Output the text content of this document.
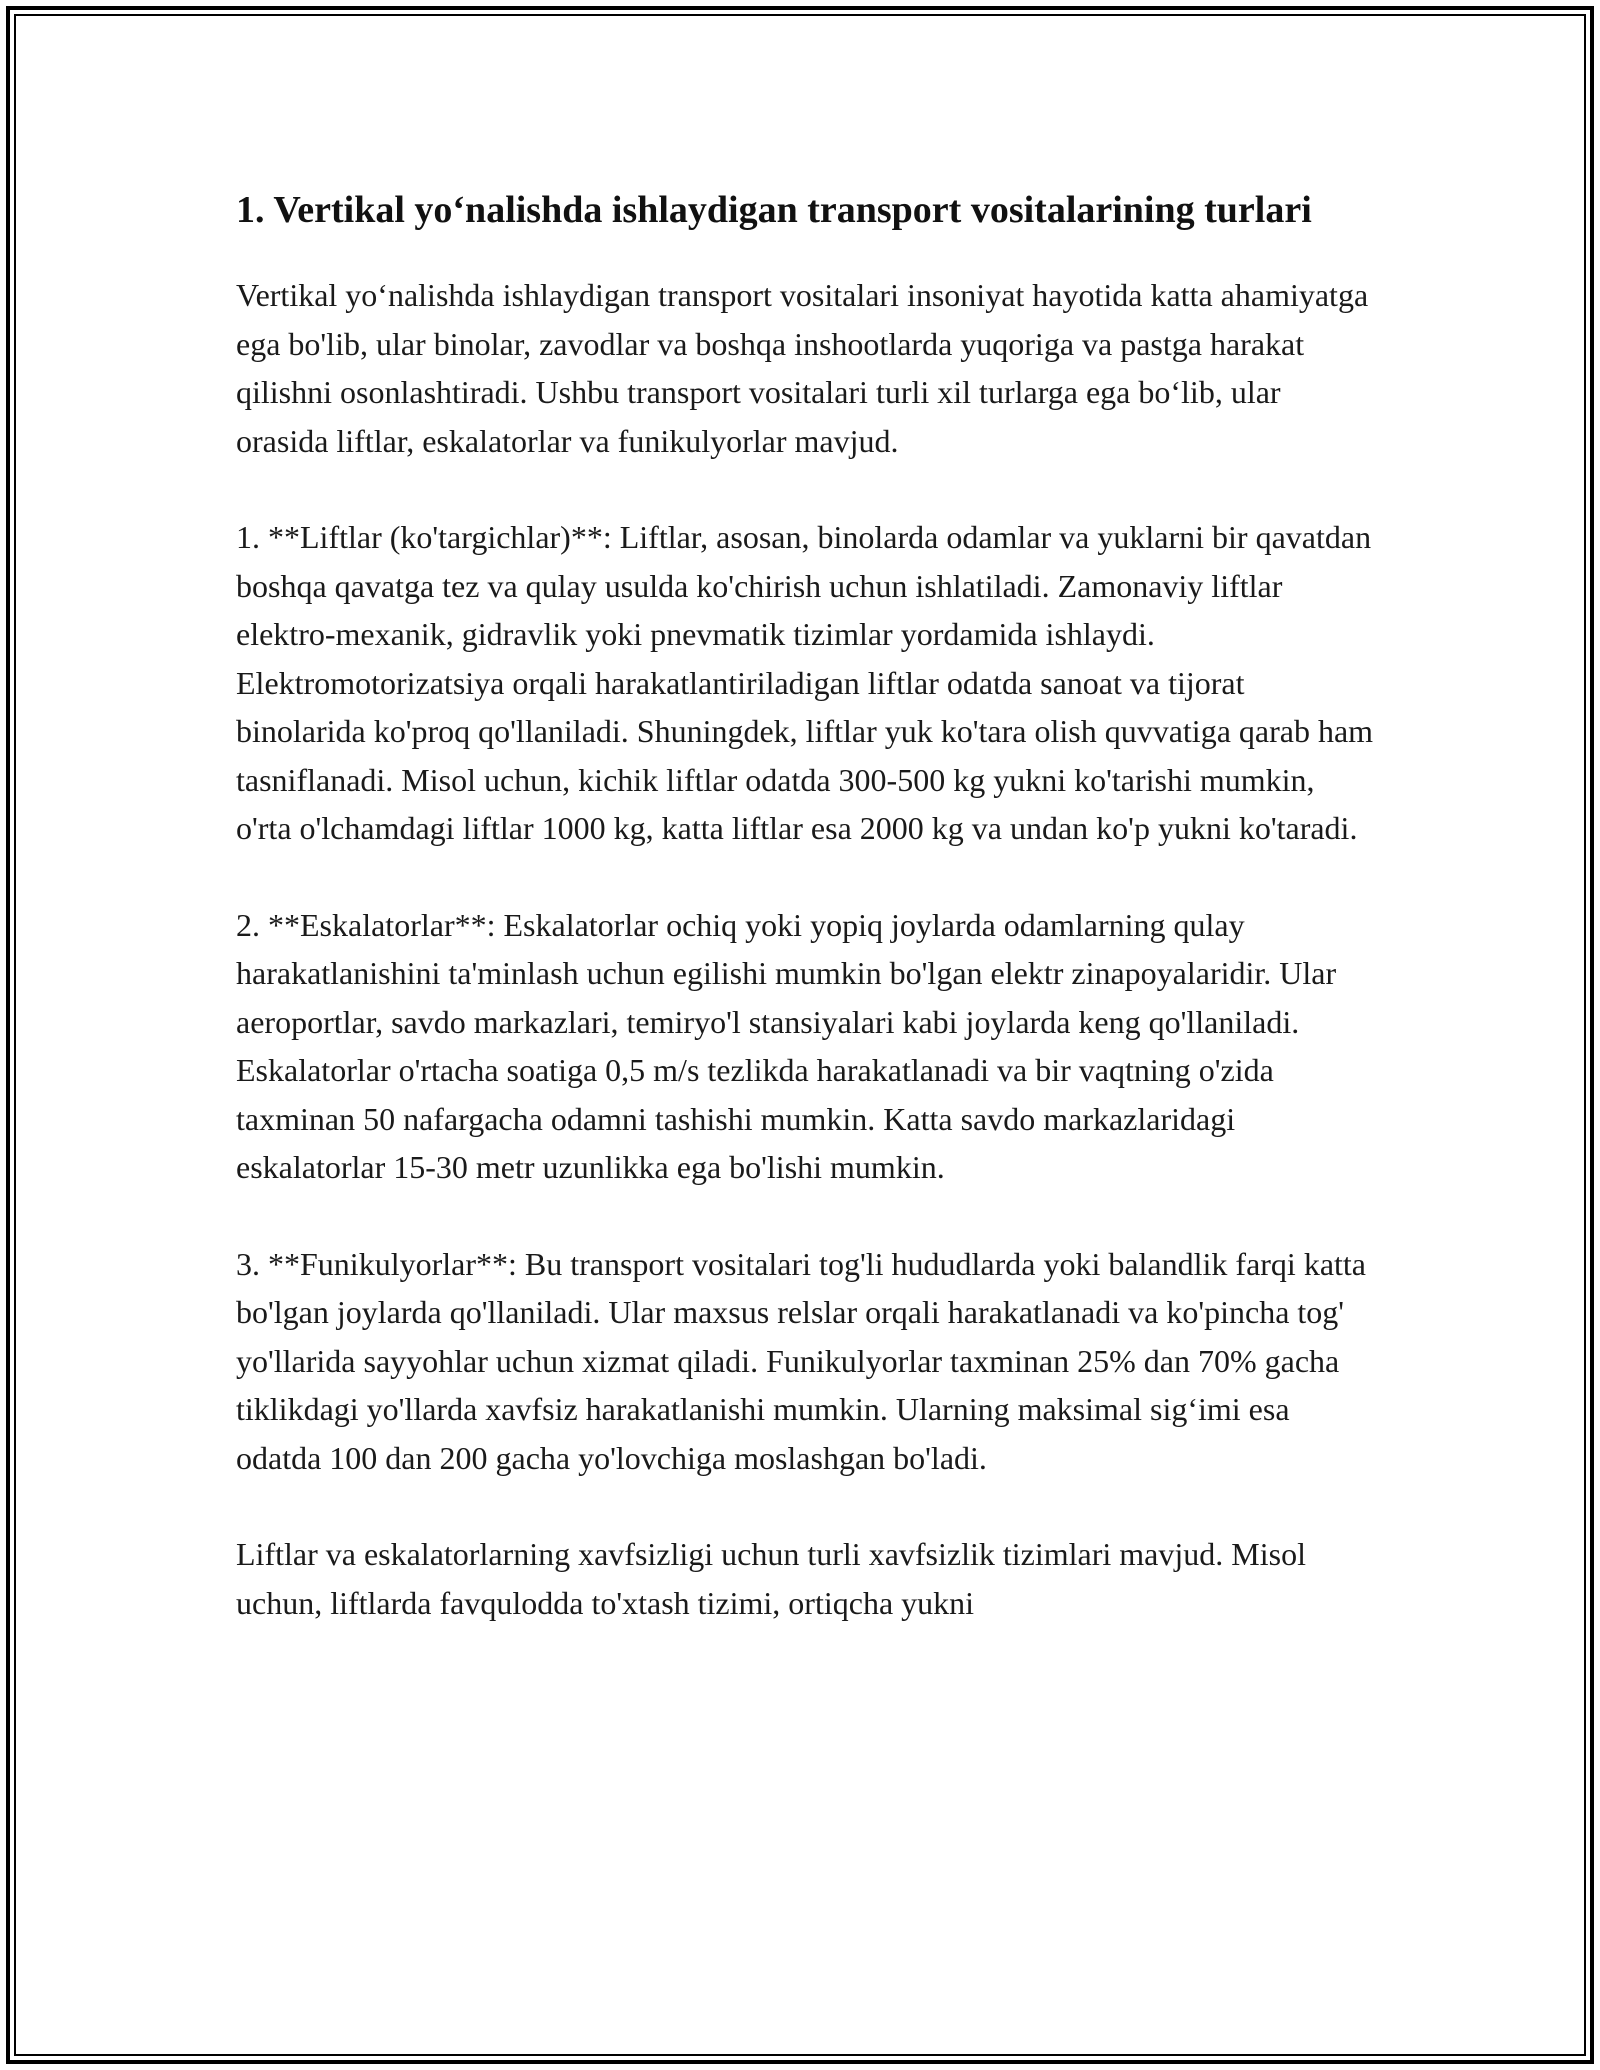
1. Vertikal yo‘nalishda ishlaydigan transport vositalarining turlari

Vertikal yo‘nalishda ishlaydigan transport vositalari insoniyat hayotida katta ahamiyatga ega bo'lib, ular binolar, zavodlar va boshqa inshootlarda yuqoriga va pastga harakat qilishni osonlashtiradi. Ushbu transport vositalari turli xil turlarga ega bo‘lib, ular orasida liftlar, eskalatorlar va funikulyorlar mavjud.

1. **Liftlar (ko'targichlar)**: Liftlar, asosan, binolarda odamlar va yuklarni bir qavatdan boshqa qavatga tez va qulay usulda ko'chirish uchun ishlatiladi. Zamonaviy liftlar elektro-mexanik, gidravlik yoki pnevmatik tizimlar yordamida ishlaydi. Elektromotorizatsiya orqali harakatlantiriladigan liftlar odatda sanoat va tijorat binolarida ko'proq qo'llaniladi. Shuningdek, liftlar yuk ko'tara olish quvvatiga qarab ham tasniflanadi. Misol uchun, kichik liftlar odatda 300-500 kg yukni ko'tarishi mumkin, o'rta o'lchamdagi liftlar 1000 kg, katta liftlar esa 2000 kg va undan ko'p yukni ko'taradi.

2. **Eskalatorlar**: Eskalatorlar ochiq yoki yopiq joylarda odamlarning qulay harakatlanishini ta'minlash uchun egilishi mumkin bo'lgan elektr zinapoyalaridir. Ular aeroportlar, savdo markazlari, temiryo'l stansiyalari kabi joylarda keng qo'llaniladi. Eskalatorlar o'rtacha soatiga 0,5 m/s tezlikda harakatlanadi va bir vaqtning o'zida taxminan 50 nafargacha odamni tashishi mumkin. Katta savdo markazlaridagi eskalatorlar 15-30 metr uzunlikka ega bo'lishi mumkin.

3. **Funikulyorlar**: Bu transport vositalari tog'li hududlarda yoki balandlik farqi katta bo'lgan joylarda qo'llaniladi. Ular maxsus relslar orqali harakatlanadi va ko'pincha tog' yo'llarida sayyohlar uchun xizmat qiladi. Funikulyorlar taxminan 25% dan 70% gacha tiklikdagi yo'llarda xavfsiz harakatlanishi mumkin. Ularning maksimal sig‘imi esa odatda 100 dan 200 gacha yo'lovchiga moslashgan bo'ladi.

Liftlar va eskalatorlarning xavfsizligi uchun turli xavfsizlik tizimlari mavjud. Misol uchun, liftlarda favqulodda to'xtash tizimi, ortiqcha yukni
